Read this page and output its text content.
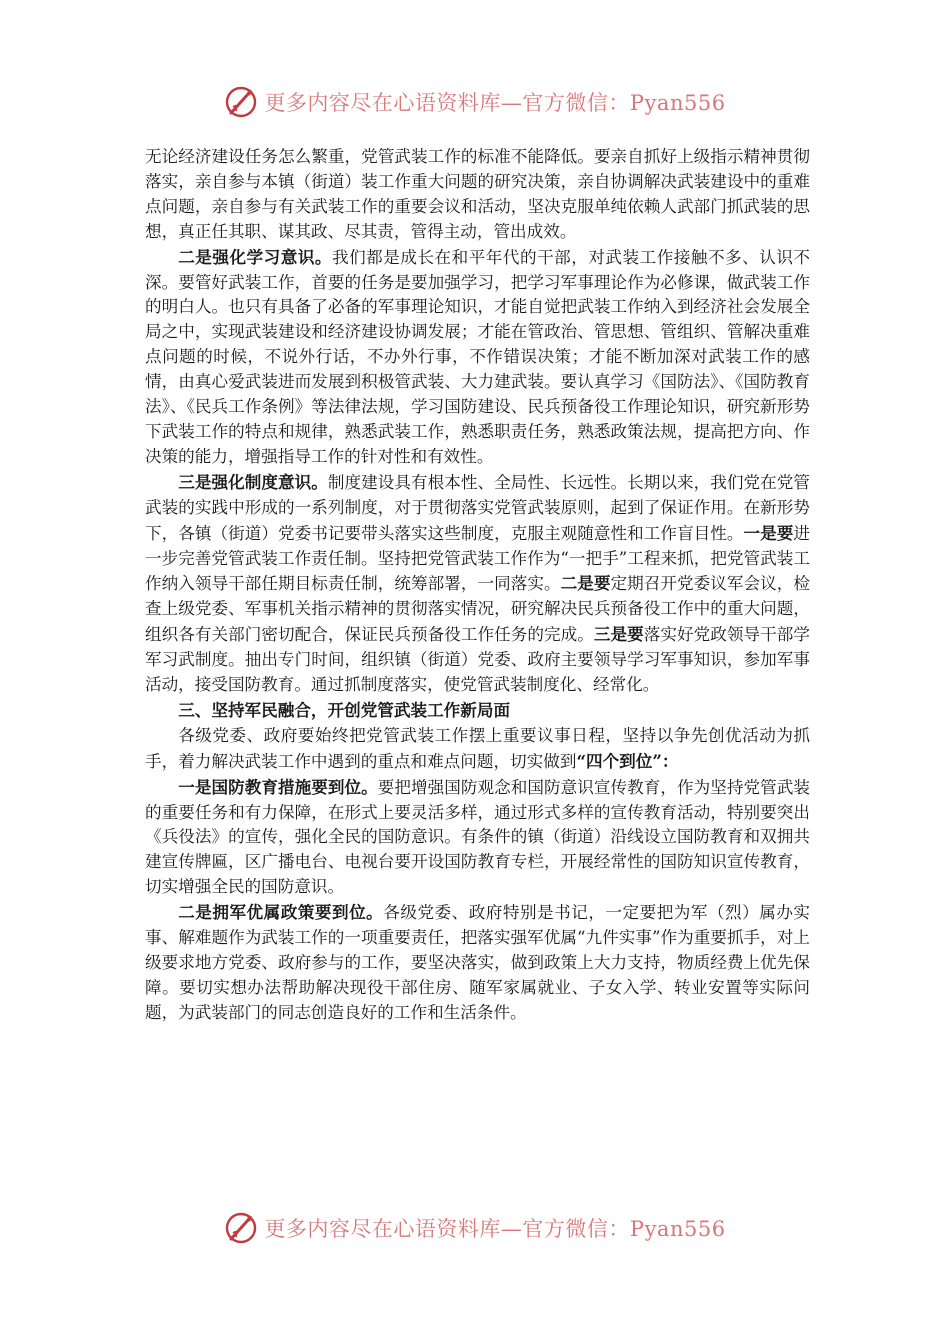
更多内容尽在心语资料库—官方微信：Pyan556

无论经济建设任务怎么繁重，党管武装工作的标准不能降低。要亲自抓好上级指示精神贯彻落实，亲自参与本镇（街道）装工作重大问题的研究决策，亲自协调解决武装建设中的重难点问题，亲自参与有关武装工作的重要会议和活动，坚决克服单纯依赖人武部门抓武装的思想，真正任其职、谋其政、尽其责，管得主动，管出成效。

二是强化学习意识。我们都是成长在和平年代的干部，对武装工作接触不多、认识不深。要管好武装工作，首要的任务是要加强学习，把学习军事理论作为必修课，做武装工作的明白人。也只有具备了必备的军事理论知识，才能自觉把武装工作纳入到经济社会发展全局之中，实现武装建设和经济建设协调发展；才能在管政治、管思想、管组织、管解决重难点问题的时候，不说外行话，不办外行事，不作错误决策；才能不断加深对武装工作的感情，由真心爱武装进而发展到积极管武装、大力建武装。要认真学习《国防法》、《国防教育法》、《民兵工作条例》等法律法规，学习国防建设、民兵预备役工作理论知识，研究新形势下武装工作的特点和规律，熟悉武装工作，熟悉职责任务，熟悉政策法规，提高把方向、作决策的能力，增强指导工作的针对性和有效性。

三是强化制度意识。制度建设具有根本性、全局性、长远性。长期以来，我们党在党管武装的实践中形成的一系列制度，对于贯彻落实党管武装原则，起到了保证作用。在新形势下，各镇（街道）党委书记要带头落实这些制度，克服主观随意性和工作盲目性。一是要进一步完善党管武装工作责任制。坚持把党管武装工作作为“一把手”工程来抓，把党管武装工作纳入领导干部任期目标责任制，统筹部署，一同落实。二是要定期召开党委议军会议，检查上级党委、军事机关指示精神的贯彻落实情况，研究解决民兵预备役工作中的重大问题，组织各有关部门密切配合，保证民兵预备役工作任务的完成。三是要落实好党政领导干部学军习武制度。抽出专门时间，组织镇（街道）党委、政府主要领导学习军事知识，参加军事活动，接受国防教育。通过抓制度落实，使党管武装制度化、经常化。

三、坚持军民融合，开创党管武装工作新局面

各级党委、政府要始终把党管武装工作摆上重要议事日程，坚持以争先创优活动为抓手，着力解决武装工作中遇到的重点和难点问题，切实做到“四个到位”：

一是国防教育措施要到位。要把增强国防观念和国防意识宣传教育，作为坚持党管武装的重要任务和有力保障，在形式上要灵活多样，通过形式多样的宣传教育活动，特别要突出《兵役法》的宣传，强化全民的国防意识。有条件的镇（街道）沿线设立国防教育和双拥共建宣传牌匾，区广播电台、电视台要开设国防教育专栏，开展经常性的国防知识宣传教育，切实增强全民的国防意识。

二是拥军优属政策要到位。各级党委、政府特别是书记，一定要把为军（烈）属办实事、解难题作为武装工作的一项重要责任，把落实强军优属“九件实事”作为重要抓手，对上级要求地方党委、政府参与的工作，要坚决落实，做到政策上大力支持，物质经费上优先保障。要切实想办法帮助解决现役干部住房、随军家属就业、子女入学、转业安置等实际问题，为武装部门的同志创造良好的工作和生活条件。

更多内容尽在心语资料库—官方微信：Pyan556
